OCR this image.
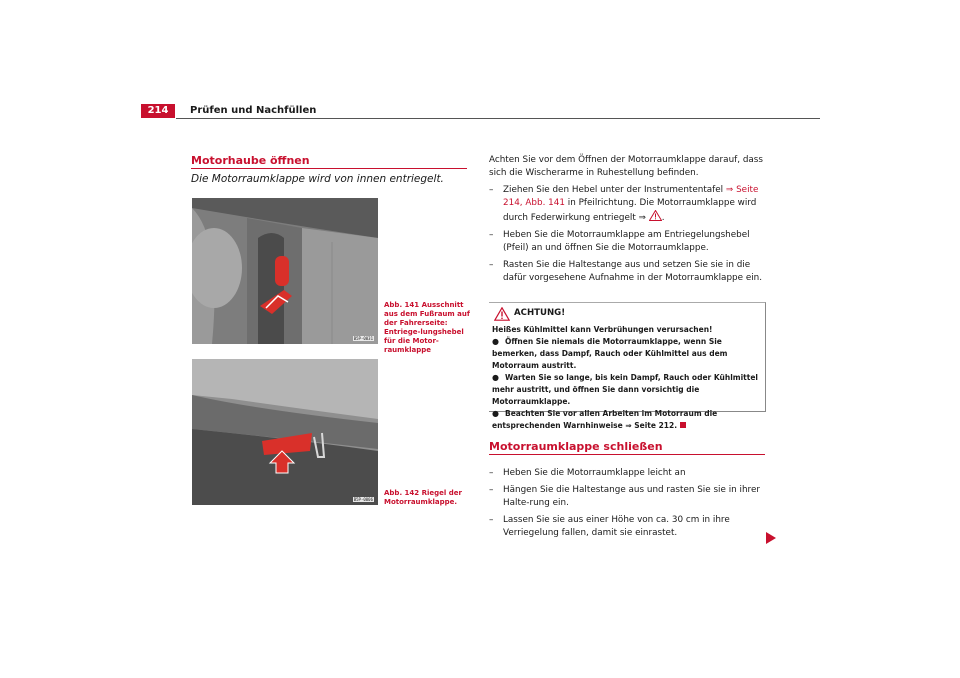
214	Prüfen und Nachfüllen
Motorhaube öffnen
Die Motorraumklappe wird von innen entriegelt.
B5P-0031
Abb. 141 Ausschnitt aus dem Fußraum auf der Fahrerseite: Entriege-lungshebel für die Motor-raumklappe
B5P-0006
Abb. 142 Riegel der Motorraumklappe.

Achten Sie vor dem Öffnen der Motorraumklappe darauf, dass sich die Wischerarme in Ruhestellung befinden.

– Ziehen Sie den Hebel unter der Instrumententafel ⇒ Seite 214, Abb. 141 in Pfeilrichtung. Die Motorraumklappe wird durch Federwirkung entriegelt ⇒ .

– Heben Sie die Motorraumklappe am Entriegelungshebel (Pfeil) an und öffnen Sie die Motorraumklappe.

– Rasten Sie die Haltestange aus und setzen Sie sie in die dafür vorgesehene Aufnahme in der Motorraumklappe ein.

ACHTUNG!

Heißes Kühlmittel kann Verbrühungen verursachen!

● Öffnen Sie niemals die Motorraumklappe, wenn Sie bemerken, dass Dampf, Rauch oder Kühlmittel aus dem Motorraum austritt.

● Warten Sie so lange, bis kein Dampf, Rauch oder Kühlmittel mehr austritt, und öffnen Sie dann vorsichtig die Motorraumklappe.

● Beachten Sie vor allen Arbeiten im Motorraum die entsprechenden Warnhinweise ⇒ Seite 212.

Motorraumklappe schließen

– Heben Sie die Motorraumklappe leicht an

– Hängen Sie die Haltestange aus und rasten Sie sie in ihrer Halte-rung ein.

– Lassen Sie sie aus einer Höhe von ca. 30 cm in ihre Verriegelung fallen, damit sie einrastet.
